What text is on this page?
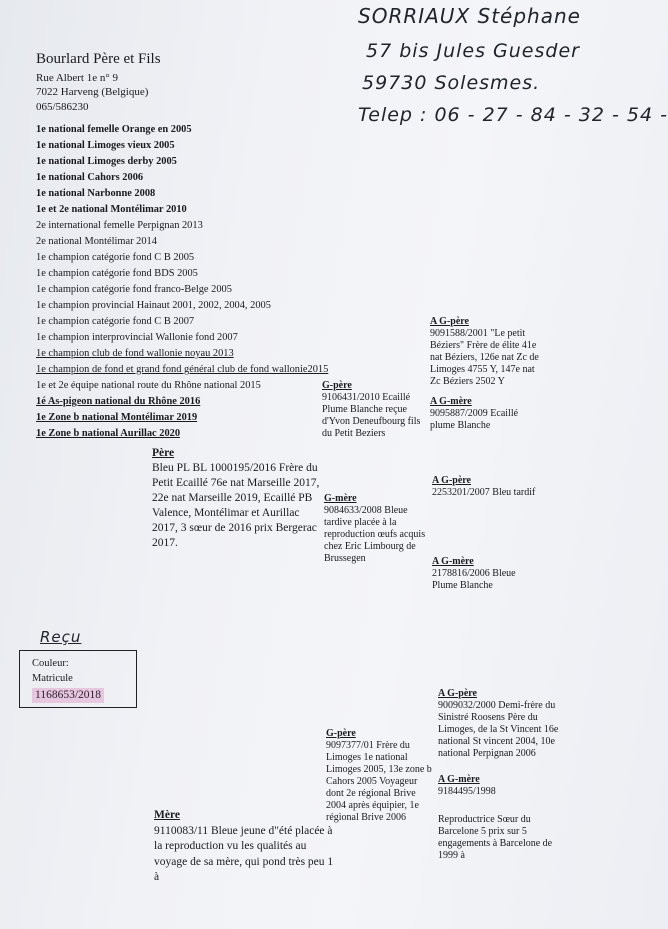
SORRIAUX Stéphane
57 bis Jules Guesder
59730 Solesmes.
Telep : 06 - 27 - 84 - 32 - 54 -
Bourlard Père et Fils
Rue Albert 1e n° 9
7022 Harveng (Belgique)
065/586230
1e national femelle Orange en 2005
1e national Limoges vieux 2005
1e national Limoges derby 2005
1e national Cahors 2006
1e national Narbonne 2008
1e et 2e national Montélimar 2010
2e international femelle Perpignan 2013
2e national Montélimar 2014
1e champion catégorie fond C B 2005
1e champion catégorie fond BDS 2005
1e champion catégorie fond franco-Belge 2005
1e champion provincial Hainaut 2001, 2002, 2004, 2005
1e champion catégorie fond C B 2007
1e champion interprovincial Wallonie fond 2007
1e champion club de fond wallonie noyau 2013
1e champion de fond et grand fond général club de fond wallonie2015
1e et 2e équipe national route du Rhône national 2015
1é As-pigeon national du Rhône 2016
1e Zone b national Montélimar 2019
1e Zone b national Aurillac 2020
Père
Bleu PL BL 1000195/2016 Frère du Petit Ecaillé 76e nat Marseille 2017, 22e nat Marseille 2019, Ecaillé PB Valence, Montélimar et Aurillac 2017, 3 sœur de 2016 prix Bergerac 2017.
G-père
9106431/2010 Ecaillé Plume Blanche reçue d'Yvon Deneufbourg fils du Petit Beziers
G-mère
9084633/2008 Bleue tardive placée à la reproduction œufs acquis chez Eric Limbourg de Brussegen
A G-père
9091588/2001 "Le petit Béziers" Frère de élite 41e nat Béziers, 126e nat Zc de Limoges 4755 Y, 147e nat Zc Béziers 2502 Y
A G-mère
9095887/2009 Ecaillé plume Blanche
A G-père
2253201/2007 Bleu tardif
A G-mère
2178816/2006 Bleue Plume Blanche
Reçu
Couleur:
Matricule
1168653/2018	A G-père
9009032/2000 Demi-frère du Sinistré Roosens Père du Limoges, de la St Vincent 16e national St vincent 2004, 10e national Perpignan 2006
A G-mère
9184495/1998
Reproductrice Sœur du Barcelone 5 prix sur 5 engagements à Barcelone de 1999 à
G-père
9097377/01 Frère du Limoges 1e national Limoges 2005, 13e zone b Cahors 2005 Voyageur dont 2e régional Brive 2004 après équipier, 1e régional Brive 2006
Mère
9110083/11 Bleue jeune d"été placée à la reproduction vu les qualités au voyage de sa mère, qui pond très peu 1 à
